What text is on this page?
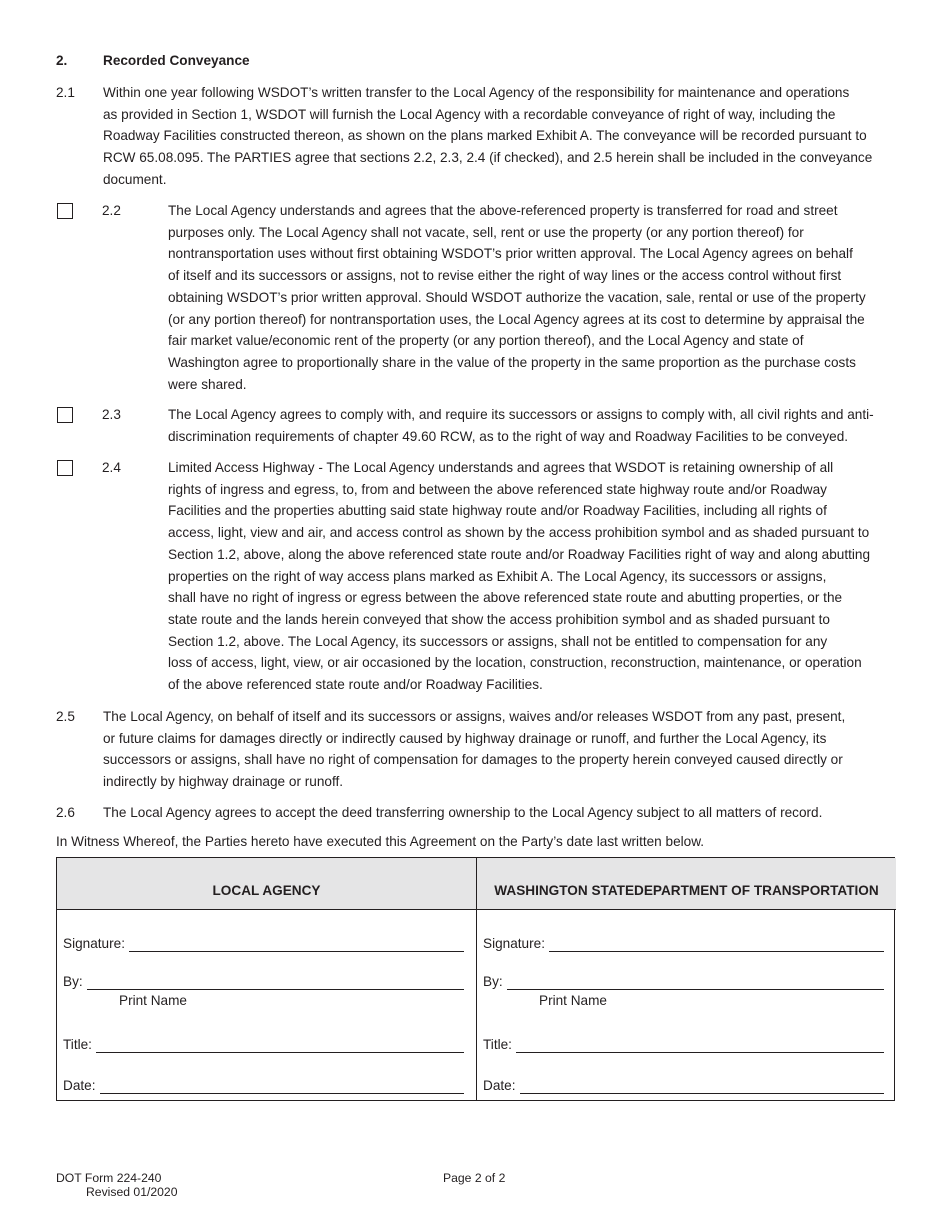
2.	Recorded Conveyance
2.1 Within one year following WSDOT’s written transfer to the Local Agency of the responsibility for maintenance and operations
as provided in Section 1, WSDOT will furnish the Local Agency with a recordable conveyance of right of way, including the
Roadway Facilities constructed thereon, as shown on the plans marked Exhibit A. The conveyance will be recorded pursuant to
RCW 65.08.095. The PARTIES agree that sections 2.2, 2.3, 2.4 (if checked), and 2.5 herein shall be included in the conveyance
document.
2.2	The Local Agency understands and agrees that the above-referenced property is transferred for road and street
purposes only. The Local Agency shall not vacate, sell, rent or use the property (or any portion thereof) for
nontransportation uses without first obtaining WSDOT’s prior written approval. The Local Agency agrees on behalf
of itself and its successors or assigns, not to revise either the right of way lines or the access control without first
obtaining WSDOT’s prior written approval. Should WSDOT authorize the vacation, sale, rental or use of the property
(or any portion thereof) for nontransportation uses, the Local Agency agrees at its cost to determine by appraisal the
fair market value/economic rent of the property (or any portion thereof), and the Local Agency and state of
Washington agree to proportionally share in the value of the property in the same proportion as the purchase costs
were shared.
2.3	The Local Agency agrees to comply with, and require its successors or assigns to comply with, all civil rights and anti-
discrimination requirements of chapter 49.60 RCW, as to the right of way and Roadway Facilities to be conveyed.
2.4	Limited Access Highway - The Local Agency understands and agrees that WSDOT is retaining ownership of all
rights of ingress and egress, to, from and between the above referenced state highway route and/or Roadway
Facilities and the properties abutting said state highway route and/or Roadway Facilities, including all rights of
access, light, view and air, and access control as shown by the access prohibition symbol and as shaded pursuant to
Section 1.2, above, along the above referenced state route and/or Roadway Facilities right of way and along abutting
properties on the right of way access plans marked as Exhibit A. The Local Agency, its successors or assigns,
shall have no right of ingress or egress between the above referenced state route and abutting properties, or the
state route and the lands herein conveyed that show the access prohibition symbol and as shaded pursuant to
Section 1.2, above. The Local Agency, its successors or assigns, shall not be entitled to compensation for any
loss of access, light, view, or air occasioned by the location, construction, reconstruction, maintenance, or operation
of the above referenced state route and/or Roadway Facilities.
2.5 The Local Agency, on behalf of itself and its successors or assigns, waives and/or releases WSDOT from any past, present,
or future claims for damages directly or indirectly caused by highway drainage or runoff, and further the Local Agency, its
successors or assigns, shall have no right of compensation for damages to the property herein conveyed caused directly or
indirectly by highway drainage or runoff.
2.6 The Local Agency agrees to accept the deed transferring ownership to the Local Agency subject to all matters of record.
In Witness Whereof, the Parties hereto have executed this Agreement on the Party’s date last written below.
LOCAL AGENCY
Signature:
By:
Print Name
Title:
Date:
WASHINGTON STATE DEPARTMENT OF TRANSPORTATION
Signature:
By:
Print Name
Title:
Date:
DOT Form 224-240
Revised 01/2020
Page 2 of 2
